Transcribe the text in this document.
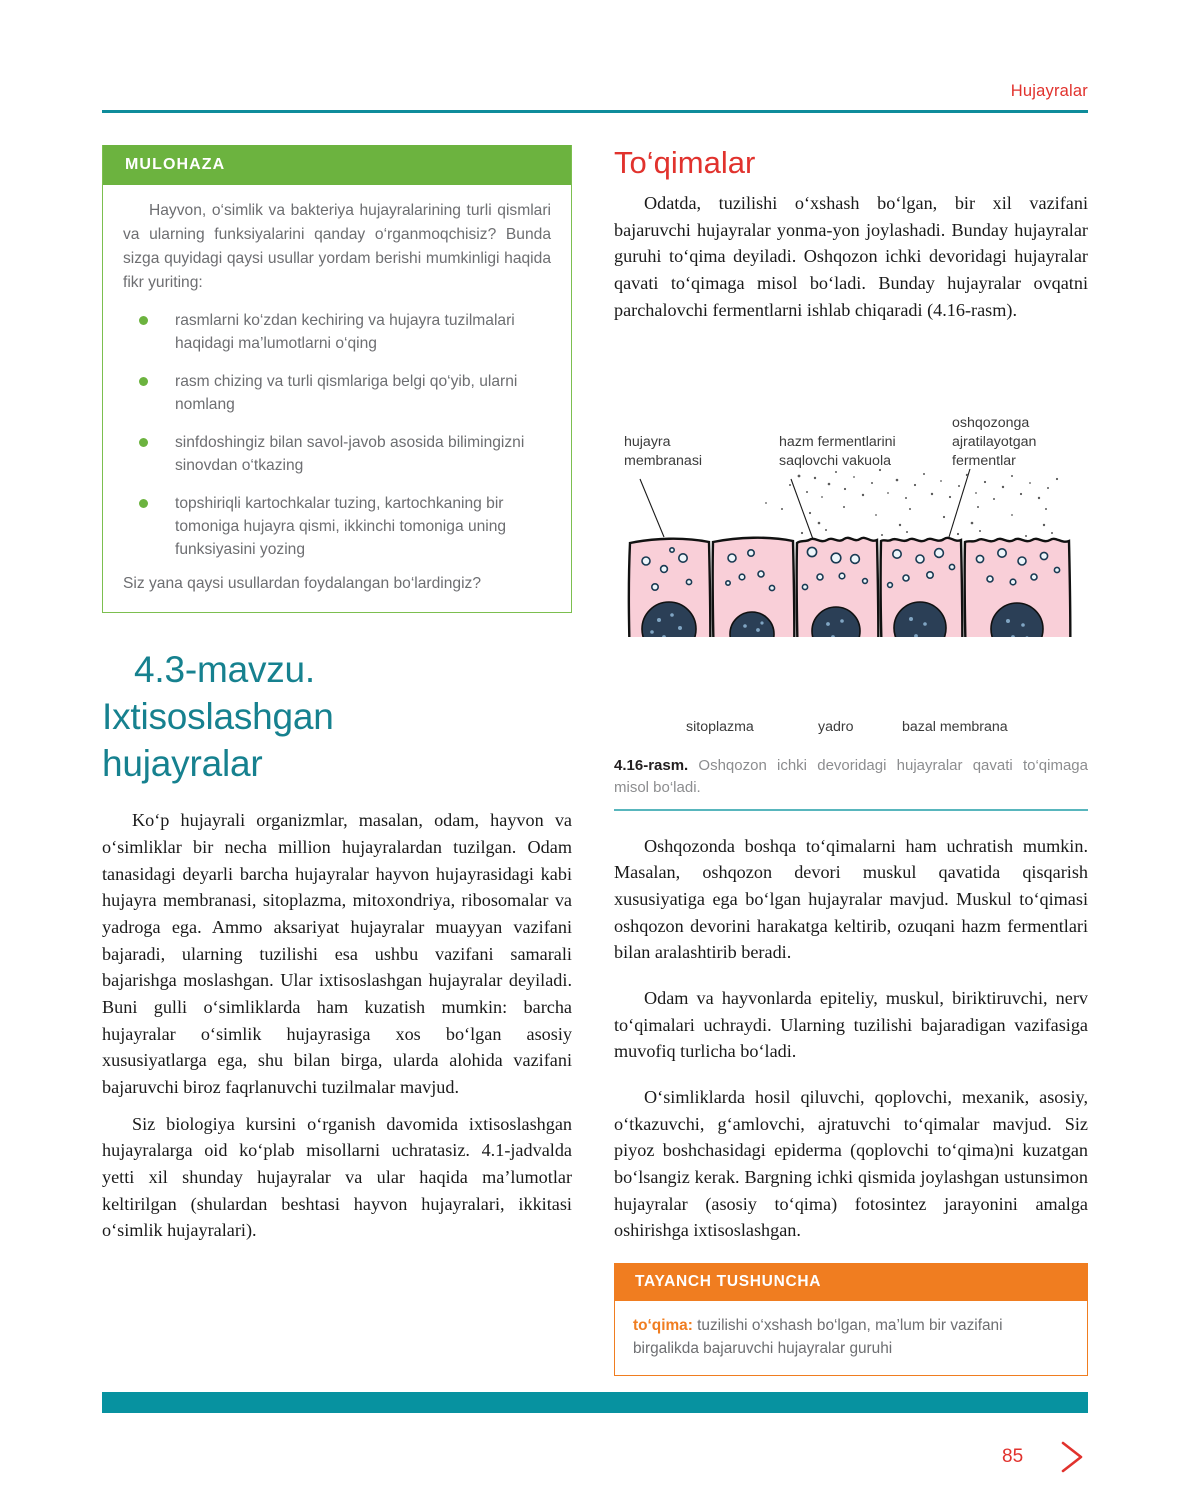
Hujayralar
MULOHAZA

Hayvon, o‘simlik va bakteriya hujayralarining turli qismlari va ularning funksiyalarini qanday o‘rganmoqchisiz? Bunda sizga quyidagi qaysi usullar yordam berishi mumkinligi haqida fikr yuriting:

rasmlarni ko‘zdan kechiring va hujayra tuzilmalari haqidagi ma’lumotlarni o‘qing
rasm chizing va turli qismlariga belgi qo‘yib, ularni nomlang
sinfdoshingiz bilan savol-javob asosida bilimingizni sinovdan o‘tkazing
topshiriqli kartochkalar tuzing, kartochkaning bir tomoniga hujayra qismi, ikkinchi tomoniga uning funksiyasini yozing

Siz yana qaysi usullardan foydalangan bo‘lardingiz?

4.3-mavzu.
Ixtisoslashgan
hujayralar

Ko‘p hujayrali organizmlar, masalan, odam, hayvon va o‘simliklar bir necha million hujayralardan tuzilgan. Odam tanasidagi deyarli barcha hujayralar hayvon hujayrasidagi kabi hujayra membranasi, sitoplazma, mitoxondriya, ribosomalar va yadroga ega. Ammo aksariyat hujayralar muayyan vazifani bajaradi, ularning tuzilishi esa ushbu vazifani samarali bajarishga moslashgan. Ular ixtisoslashgan hujayralar deyiladi. Buni gulli o‘simliklarda ham kuzatish mumkin: barcha hujayralar o‘simlik hujayrasiga xos bo‘lgan asosiy xususiyatlarga ega, shu bilan birga, ularda alohida vazifani bajaruvchi biroz faqrlanuvchi tuzilmalar mavjud.

Siz biologiya kursini o‘rganish davomida ixtisoslashgan hujayralarga oid ko‘plab misollarni uchratasiz. 4.1-jadvalda yetti xil shunday hujayralar va ular haqida ma’lumotlar keltirilgan (shulardan beshtasi hayvon hujayralari, ikkitasi o‘simlik hujayralari).

To‘qimalar

Odatda, tuzilishi o‘xshash bo‘lgan, bir xil vazifani bajaruvchi hujayralar yonma-yon joylashadi. Bunday hujayralar guruhi to‘qima deyiladi. Oshqozon ichki devoridagi hujayralar qavati to‘qimaga misol bo‘ladi. Bunday hujayralar ovqatni parchalovchi fermentlarni ishlab chiqaradi (4.16-rasm).

hujayra
membranasi
hazm fermentlarini
saqlovchi vakuola
oshqozonga
ajratilayotgan
fermentlar
sitoplazma	yadro	bazal membrana
4.16-rasm. Oshqozon ichki devoridagi hujayralar qavati to‘qimaga misol bo‘ladi.

Oshqozonda boshqa to‘qimalarni ham uchratish mumkin. Masalan, oshqozon devori muskul qavatida qisqarish xususiyatiga ega bo‘lgan hujayralar mavjud. Muskul to‘qimasi oshqozon devorini harakatga keltirib, ozuqani hazm fermentlari bilan aralashtirib beradi.

Odam va hayvonlarda epiteliy, muskul, biriktiruvchi, nerv to‘qimalari uchraydi. Ularning tuzilishi bajaradigan vazifasiga muvofiq turlicha bo‘ladi.

O‘simliklarda hosil qiluvchi, qoplovchi, mexanik, asosiy, o‘tkazuvchi, g‘amlovchi, ajratuvchi to‘qimalar mavjud. Siz piyoz boshchasidagi epiderma (qoplovchi to‘qima)ni kuzatgan bo‘lsangiz kerak. Bargning ichki qismida joylashgan ustunsimon hujayralar (asosiy to‘qima) fotosintez jarayonini amalga oshirishga ixtisoslashgan.

TAYANCH TUSHUNCHA
to‘qima: tuzilishi o‘xshash bo‘lgan, ma’lum bir vazifani birgalikda bajaruvchi hujayralar guruhi
85
